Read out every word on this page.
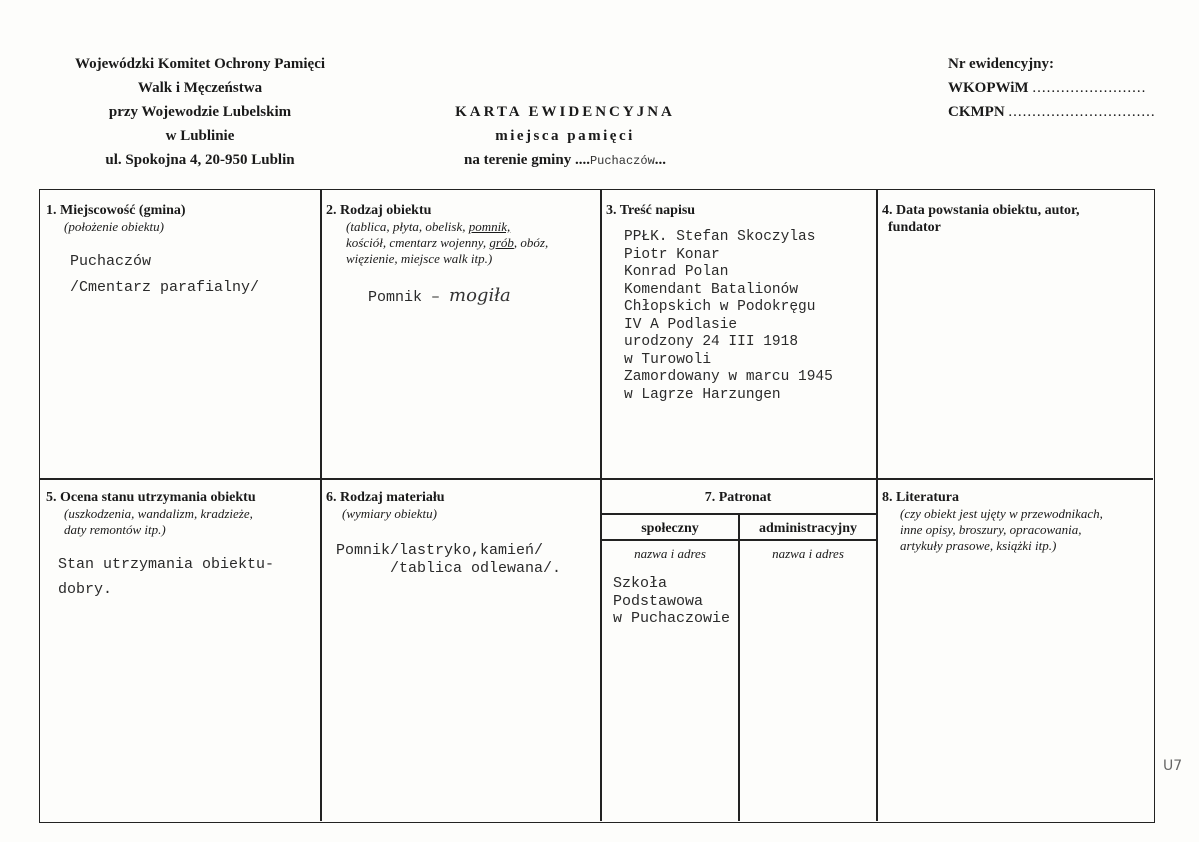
Wojewódzki Komitet Ochrony Pamięci
Walk i Męczeństwa
przy Wojewodzie Lubelskim
w Lublinie
ul. Spokojna 4, 20-950 Lublin
KARTA EWIDENCYJNA
miejsca pamięci
na terenie gminy ....Puchaczów...
Nr ewidencyjny:
WKOPWiM ........................
CKMPN ...............................
1. Miejscowość (gmina)
(położenie obiektu)
Puchaczów
/Cmentarz parafialny/
2. Rodzaj obiektu
(tablica, płyta, obelisk, pomnik,
kościół, cmentarz wojenny, grób, obóz,
więzienie, miejsce walk itp.)
Pomnik – mogiła
3. Treść napisu
PPŁK. Stefan Skoczylas
Piotr Konar
Konrad Polan
Komendant Batalionów
Chłopskich w Podokręgu
IV A Podlasie
urodzony 24 III 1918
w Turowoli
Zamordowany w marcu 1945
w Lagrze Harzungen
4. Data powstania obiektu, autor,
fundator
5. Ocena stanu utrzymania obiektu
(uszkodzenia, wandalizm, kradzieże,
daty remontów itp.)
Stan utrzymania obiektu-
dobry.
6. Rodzaj materiału
(wymiary obiektu)
Pomnik/lastryko,kamień/
/tablica odlewana/.
7. Patronat
społeczny	administracyjny
nazwa i adres	nazwa i adres
Szkoła
Podstawowa
w Puchaczowie
8. Literatura
(czy obiekt jest ujęty w przewodnikach,
inne opisy, broszury, opracowania,
artykuły prasowe, książki itp.)
U7
